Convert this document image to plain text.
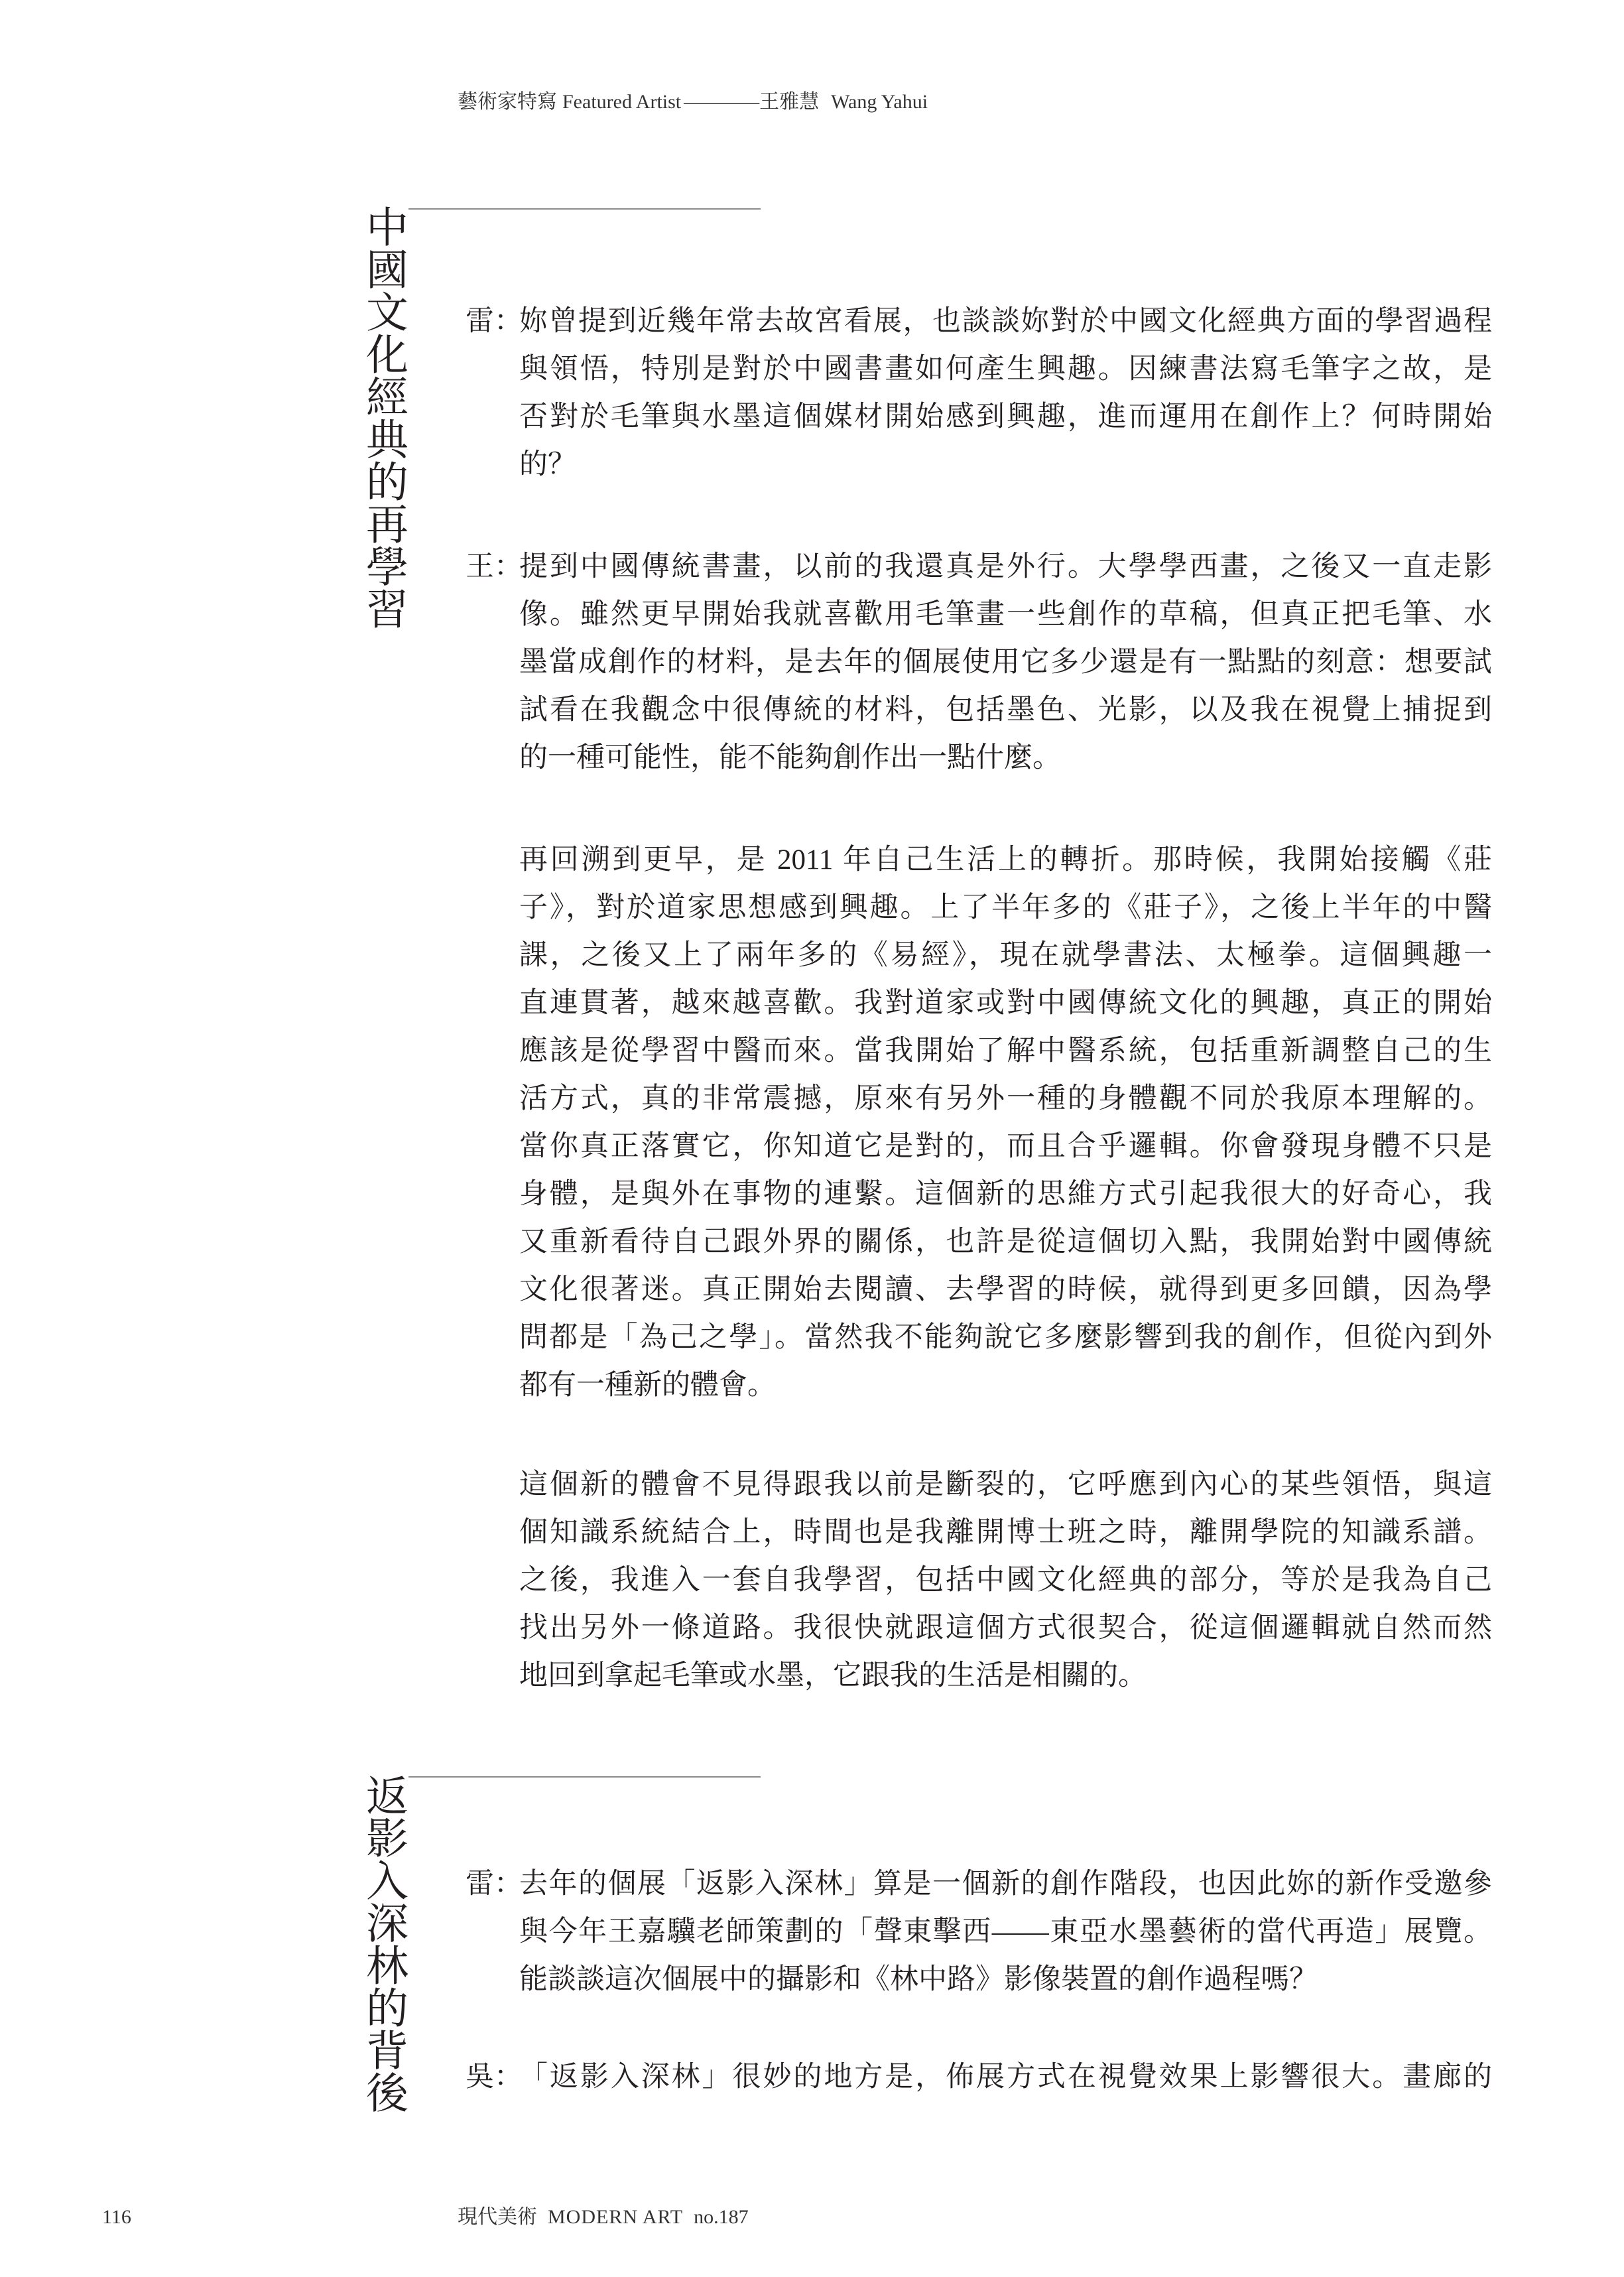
藝術家特寫 Featured Artist ————王雅慧 Wang Yahui
中國文化經典的再學習 雷：
妳曾提到近幾年常去故宮看展，也談談妳對於中國文化經典方面的學習過程
與領悟，特別是對於中國書畫如何產生興趣。因練書法寫毛筆字之故，是
否對於毛筆與水墨這個媒材開始感到興趣，進而運用在創作上？何時開始
的？
王：
提到中國傳統書畫，以前的我還真是外行。大學學西畫，之後又一直走影
像。雖然更早開始我就喜歡用毛筆畫一些創作的草稿，但真正把毛筆、水
墨當成創作的材料，是去年的個展使用它多少還是有一點點的刻意：想要試
試看在我觀念中很傳統的材料，包括墨色、光影，以及我在視覺上捕捉到
的一種可能性，能不能夠創作出一點什麼。
再回溯到更早，是 2011 年自己生活上的轉折。那時候，我開始接觸《莊
子》，對於道家思想感到興趣。上了半年多的《莊子》，之後上半年的中醫
課，之後又上了兩年多的《易經》，現在就學書法、太極拳。這個興趣一
直連貫著，越來越喜歡。我對道家或對中國傳統文化的興趣，真正的開始
應該是從學習中醫而來。當我開始了解中醫系統，包括重新調整自己的生
活方式，真的非常震撼，原來有另外一種的身體觀不同於我原本理解的。
當你真正落實它，你知道它是對的，而且合乎邏輯。你會發現身體不只是
身體，是與外在事物的連繫。這個新的思維方式引起我很大的好奇心，我
又重新看待自己跟外界的關係，也許是從這個切入點，我開始對中國傳統
文化很著迷。真正開始去閱讀、去學習的時候，就得到更多回饋，因為學
問都是「為己之學」。當然我不能夠說它多麼影響到我的創作，但從內到外
都有一種新的體會。
這個新的體會不見得跟我以前是斷裂的，它呼應到內心的某些領悟，與這
個知識系統結合上，時間也是我離開博士班之時，離開學院的知識系譜。
之後，我進入一套自我學習，包括中國文化經典的部分，等於是我為自己
找出另外一條道路。我很快就跟這個方式很契合，從這個邏輯就自然而然
地回到拿起毛筆或水墨，它跟我的生活是相關的。
返影入深林的背後 雷：
去年的個展「返影入深林」算是一個新的創作階段，也因此妳的新作受邀參
與今年王嘉驥老師策劃的「聲東擊西——東亞水墨藝術的當代再造」展覽。
能談談這次個展中的攝影和《林中路》影像裝置的創作過程嗎？
吳：
「返影入深林」很妙的地方是，佈展方式在視覺效果上影響很大。畫廊的
116	現代美術 MODERN ART no.187
